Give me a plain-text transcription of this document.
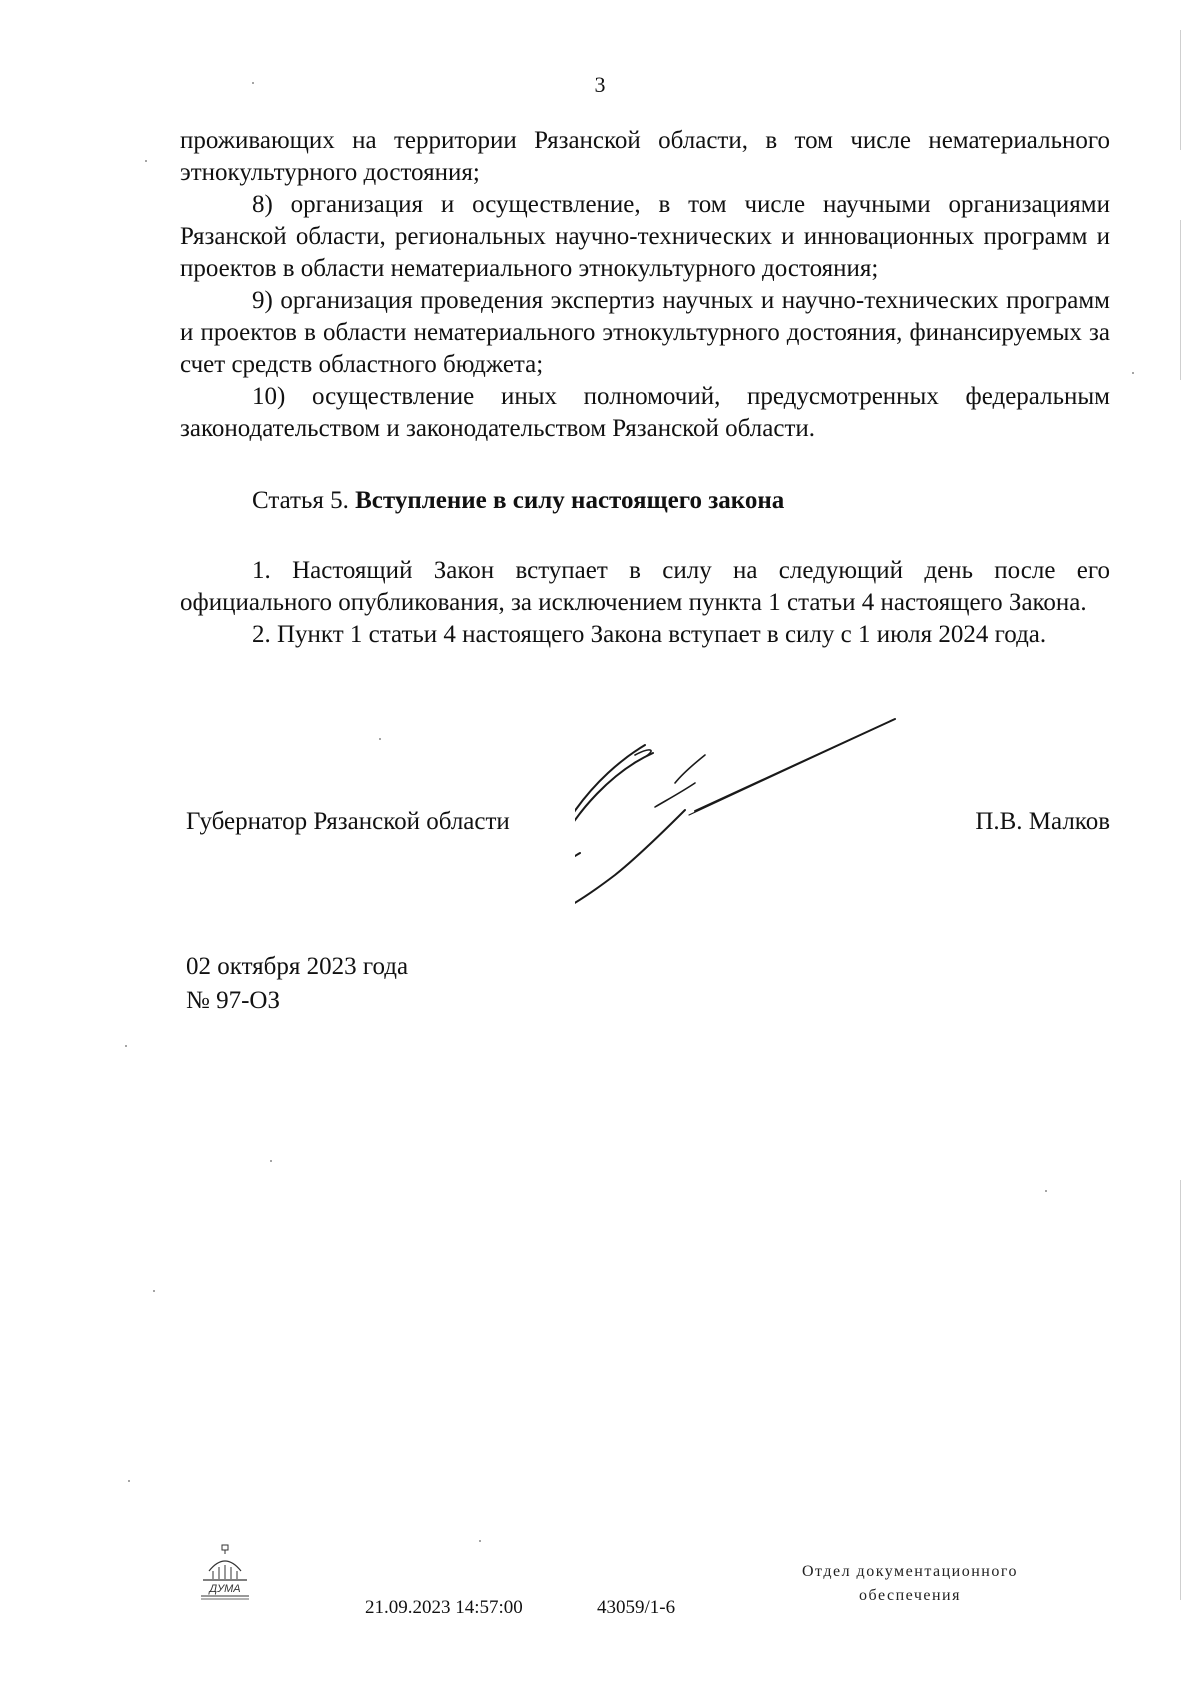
3

проживающих на территории Рязанской области, в том числе нематериального этнокультурного достояния;

8) организация и осуществление, в том числе научными организациями Рязанской области, региональных научно-технических и инновационных программ и проектов в области нематериального этнокультурного достояния;

9) организация проведения экспертиз научных и научно-технических программ и проектов в области нематериального этнокультурного достояния, финансируемых за счет средств областного бюджета;

10) осуществление иных полномочий, предусмотренных федеральным законодательством и законодательством Рязанской области.

Статья 5. Вступление в силу настоящего закона

1. Настоящий Закон вступает в силу на следующий день после его официального опубликования, за исключением пункта 1 статьи 4 настоящего Закона.

2. Пункт 1 статьи 4 настоящего Закона вступает в силу с 1 июля 2024 года.

Губернатор Рязанской области	П.В. Малков
02 октября 2023 года
№ 97-ОЗ
ДУМА
21.09.2023 14:57:00	43059/1-6
Отдел документационного
обеспечения
